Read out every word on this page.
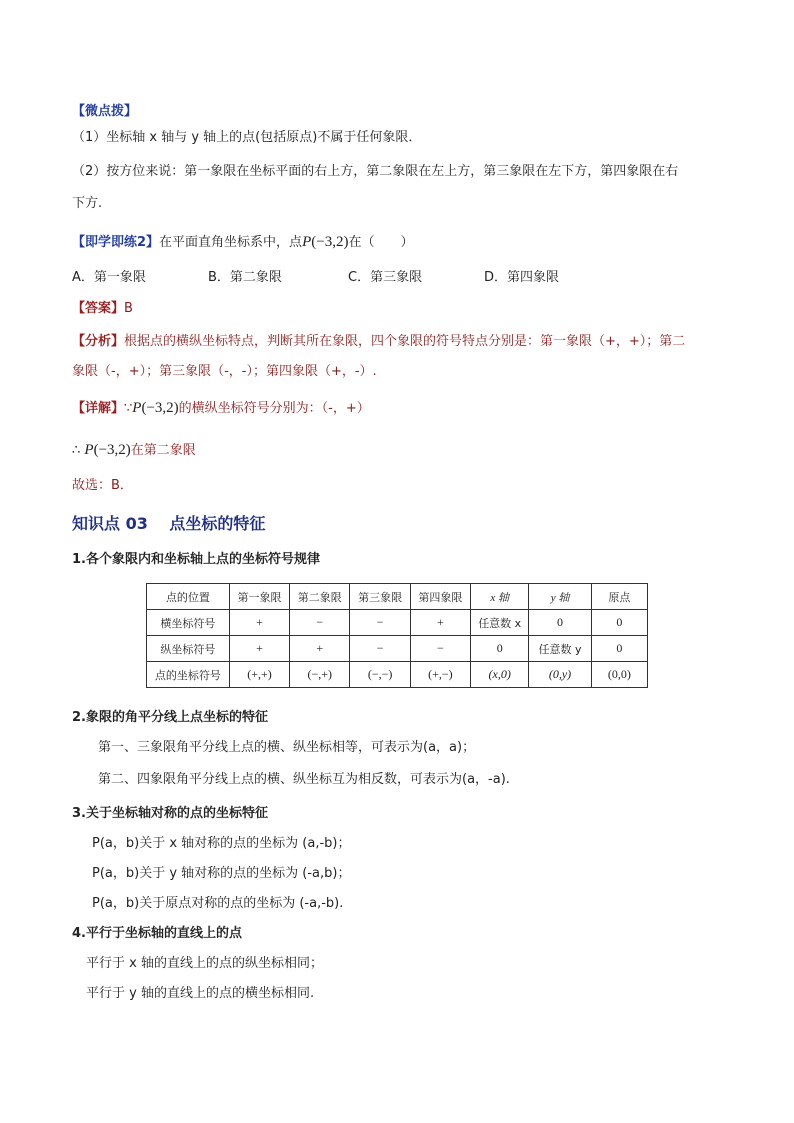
【微点拨】

（1）坐标轴 x 轴与 y 轴上的点(包括原点)不属于任何象限．

（2）按方位来说：第一象限在坐标平面的右上方，第二象限在左上方，第三象限在左下方，第四象限在右

下方.

【即学即练2】在平面直角坐标系中，点P(−3,2)在（　　）

A．第一象限	B．第二象限	C．第三象限	D．第四象限

【答案】B

【分析】根据点的横纵坐标特点，判断其所在象限，四个象限的符号特点分别是：第一象限（+，+）；第二

象限（-，+）；第三象限（-，-）；第四象限（+，-）.

【详解】∵P(−3,2)的横纵坐标符号分别为：（-，+）

∴ P(−3,2)在第二象限

故选：B．

知识点 03　 点坐标的特征

1.各个象限内和坐标轴上点的坐标符号规律

2.象限的角平分线上点坐标的特征

第一、三象限角平分线上点的横、纵坐标相等，可表示为(a，a)；

第二、四象限角平分线上点的横、纵坐标互为相反数，可表示为(a，-a).

3.关于坐标轴对称的点的坐标特征

P(a，b)关于 x 轴对称的点的坐标为 (a,-b)；

P(a，b)关于 y 轴对称的点的坐标为 (-a,b)；

P(a，b)关于原点对称的点的坐标为 (-a,-b).

4.平行于坐标轴的直线上的点

平行于 x 轴的直线上的点的纵坐标相同；

平行于 y 轴的直线上的点的横坐标相同.

点的位置	第一象限	第二象限	第三象限	第四象限	x 轴	y 轴	原点
横坐标符号	+	−	−	+	任意数 x	0	0
纵坐标符号	+	+	−	−	0	任意数 y	0
点的坐标符号	(+,+)	(−,+)	(−,−)	(+,−)	(x,0)	(0,y)	(0,0)
